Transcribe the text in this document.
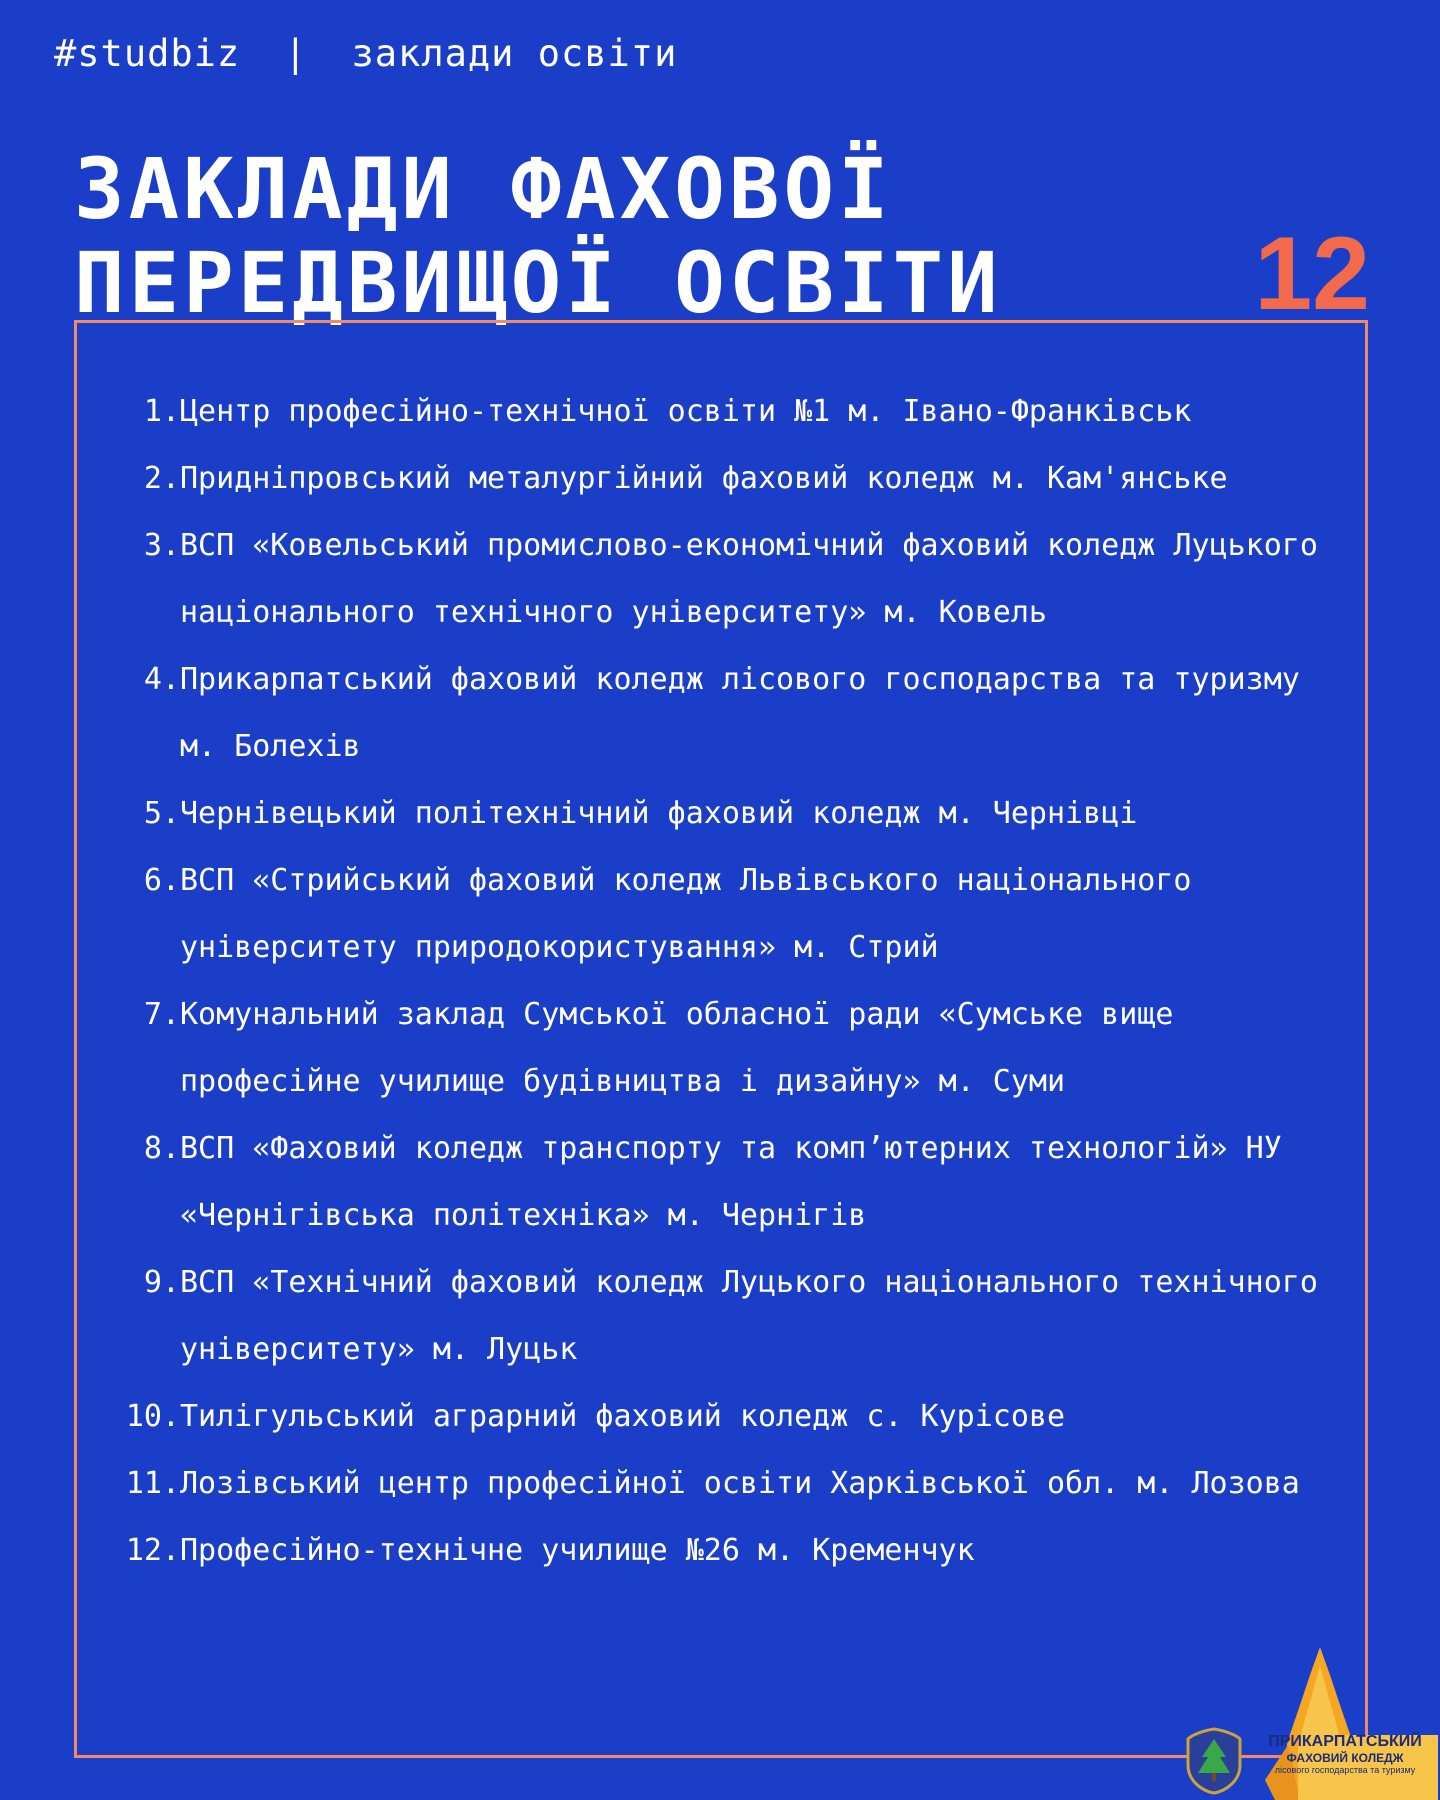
#studbiz | заклади освіти
ЗАКЛАДИ ФАХОВОЇ
ПЕРЕДВИЩОЇ ОСВІТИ 12
1. Центр професійно-технічної освіти №1 м. Івано-Франківськ
2. Придніпровський металургійний фаховий коледж м. Кам'янське
3. ВСП «Ковельський промислово-економічний фаховий коледж Луцького національного технічного університету» м. Ковель
4. Прикарпатський фаховий коледж лісового господарства та туризму м. Болехів
5. Чернівецький політехнічний фаховий коледж м. Чернівці
6. ВСП «Стрийський фаховий коледж Львівського національного університету природокористування» м. Стрий
7. Комунальний заклад Сумської обласної ради «Сумське вище професійне училище будівництва і дизайну» м. Суми
8. ВСП «Фаховий коледж транспорту та комп’ютерних технологій» НУ «Чернігівська політехніка» м. Чернігів
9. ВСП «Технічний фаховий коледж Луцького національного технічного університету» м. Луцьк
10. Тилігульський аграрний фаховий коледж с. Курісове
11. Лозівський центр професійної освіти Харківської обл. м. Лозова
12. Професійно-технічне училище №26 м. Кременчук
ПРИКАРПАТСЬКИЙ
ФАХОВИЙ КОЛЕДЖ
лісового господарства та туризму
